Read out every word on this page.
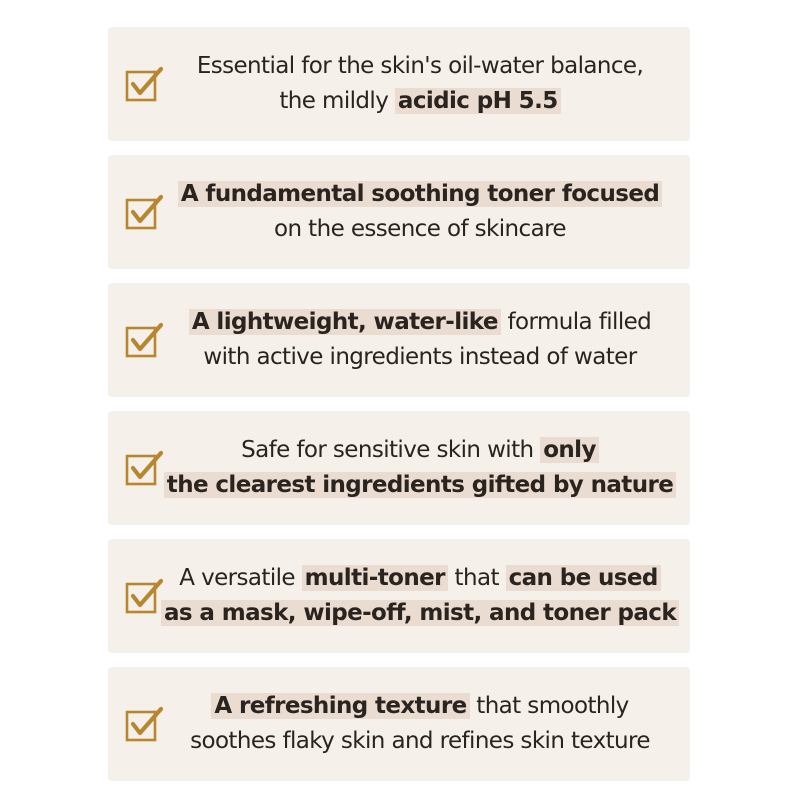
Essential for the skin's oil-water balance,
the mildly acidic pH 5.5
A fundamental soothing toner focused
on the essence of skincare
A lightweight, water-like formula filled
with active ingredients instead of water
Safe for sensitive skin with only
the clearest ingredients gifted by nature
A versatile multi-toner that can be used
as a mask, wipe-off, mist, and toner pack
A refreshing texture that smoothly
soothes flaky skin and refines skin texture
